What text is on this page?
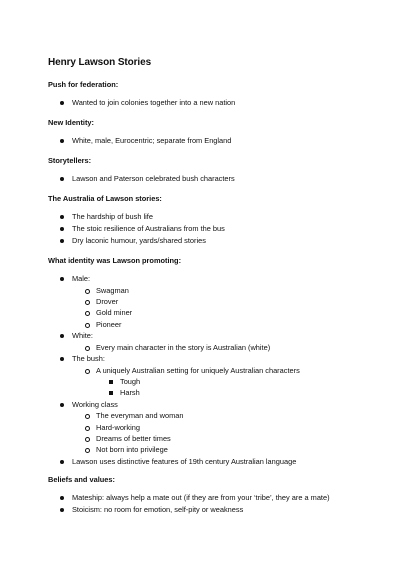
Henry Lawson Stories
Push for federation:
Wanted to join colonies together into a new nation
New Identity:
White, male, Eurocentric; separate from England
Storytellers:
Lawson and Paterson celebrated bush characters
The Australia of Lawson stories:
The hardship of bush life
The stoic resilience of Australians from the bus
Dry laconic humour, yards/shared stories
What identity was Lawson promoting:
Male:
Swagman
Drover
Gold miner
Pioneer
White:
Every main character in the story is Australian (white)
The bush:
A uniquely Australian setting for uniquely Australian characters
Tough
Harsh
Working class
The everyman and woman
Hard-working
Dreams of better times
Not born into privilege
Lawson uses distinctive features of 19th century Australian language
Beliefs and values:
Mateship: always help a mate out (if they are from your ‘tribe’, they are a mate)
Stoicism: no room for emotion, self-pity or weakness
